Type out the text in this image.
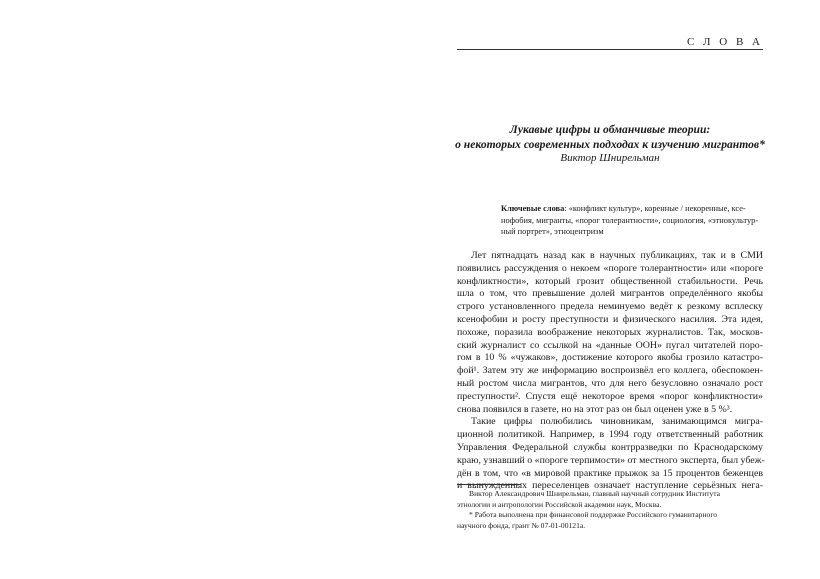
С Л О В А
Лукавые цифры и обманчивые теории:
о некоторых современных подходах к изучению мигрантов*
Виктор Шнирельман
Ключевые слова: «конфликт культур», коренные / некоренные, ксе-
нофобия, мигранты, «порог толерантности», социология, «этнокультур-
ный портрет», этноцентризм
Лет пятнадцать назад как в научных публикациях, так и в СМИ
появились рассуждения о некоем «пороге толерантности» или «пороге
конфликтности», который грозит общественной стабильности. Речь
шла о том, что превышение долей мигрантов определённого якобы
строго установленного предела неминуемо ведёт к резкому всплеску
ксенофобии и росту преступности и физического насилия. Эта идея,
похоже, поразила воображение некоторых журналистов. Так, москов-
ский журналист со ссылкой на «данные ООН» пугал читателей поро-
гом в 10 % «чужаков», достижение которого якобы грозило катастро-
фой¹. Затем эту же информацию воспроизвёл его коллега, обеспокоен-
ный ростом числа мигрантов, что для него безусловно означало рост
преступности². Спустя ещё некоторое время «порог конфликтности»
снова появился в газете, но на этот раз он был оценен уже в 5 %³.
Такие цифры полюбились чиновникам, занимающимся мигра-
ционной политикой. Например, в 1994 году ответственный работник
Управления Федеральной службы контрразведки по Краснодарскому
краю, узнавший о «пороге терпимости» от местного эксперта, был убеж-
дён в том, что «в мировой практике прыжок за 15 процентов беженцев
и вынужденных переселенцев означает наступление серьёзных нега-
Виктор Александрович Шнирельман, главный научный сотрудник Института
этнологии и антропологии Российской академии наук, Москва.
* Работа выполнена при финансовой поддержке Российского гуманитарного
научного фонда, грант № 07-01-00121а.
